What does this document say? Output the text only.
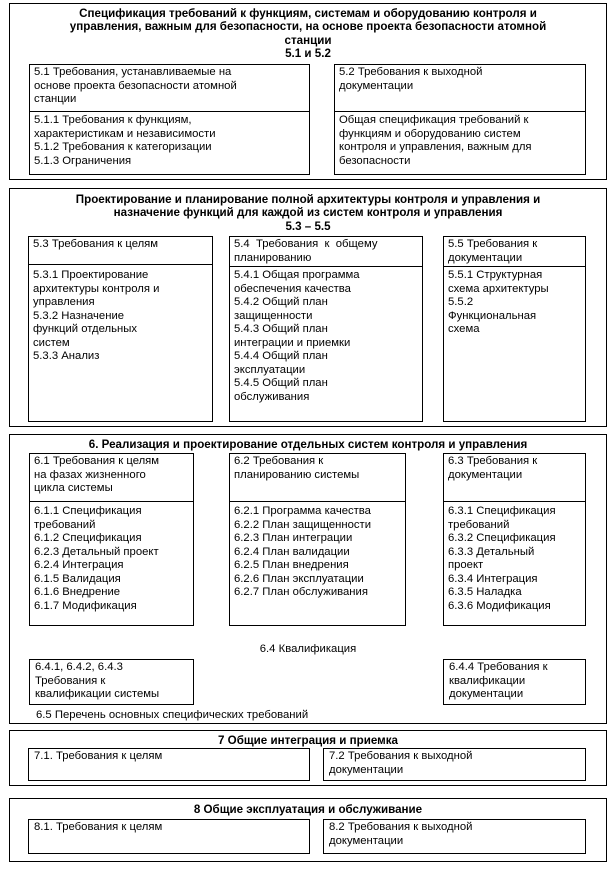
Спецификация требований к функциям, системам и оборудованию контроля и
управления, важным для безопасности, на основе проекта безопасности атомной
станции
5.1 и 5.2
5.1 Требования, устанавливаемые на
основе проекта безопасности атомной
станции
5.1.1 Требования к функциям,
характеристикам и независимости
5.1.2 Требования к категоризации
5.1.3 Ограничения
5.2 Требования к выходной
документации
Общая спецификация требований к
функциям и оборудованию систем
контроля и управления, важным для
безопасности
Проектирование и планирование полной архитектуры контроля и управления и
назначение функций для каждой из систем контроля и управления
5.3 – 5.5
5.3 Требования к целям
5.3.1 Проектирование
архитектуры контроля и
управления
5.3.2 Назначение
функций отдельных
систем
5.3.3 Анализ
5.4  Требования  к  общему
планированию
5.4.1 Общая программа
обеспечения качества
5.4.2 Общий план
защищенности
5.4.3 Общий план
интеграции и приемки
5.4.4 Общий план
эксплуатации
5.4.5 Общий план
обслуживания
5.5 Требования к
документации
5.5.1 Структурная
схема архитектуры
5.5.2
Функциональная
схема
6. Реализация и проектирование отдельных систем контроля и управления
6.1 Требования к целям
на фазах жизненного
цикла системы
6.1.1 Спецификация
требований
6.1.2 Спецификация
6.2.3 Детальный проект
6.2.4 Интеграция
6.1.5 Валидация
6.1.6 Внедрение
6.1.7 Модификация
6.2 Требования к
планированию системы
6.2.1 Программа качества
6.2.2 План защищенности
6.2.3 План интеграции
6.2.4 План валидации
6.2.5 План внедрения
6.2.6 План эксплуатации
6.2.7 План обслуживания
6.3 Требования к
документации
6.3.1 Спецификация
требований
6.3.2 Спецификация
6.3.3 Детальный
проект
6.3.4 Интеграция
6.3.5 Наладка
6.3.6 Модификация
6.4 Квалификация
6.4.1, 6.4.2, 6.4.3
Требования к
квалификации системы
6.4.4 Требования к
квалификации
документации
6.5 Перечень основных специфических требований
7 Общие интеграция и приемка
7.1. Требования к целям	7.2 Требования к выходной
документации
8 Общие эксплуатация и обслуживание
8.1. Требования к целям	8.2 Требования к выходной
документации
